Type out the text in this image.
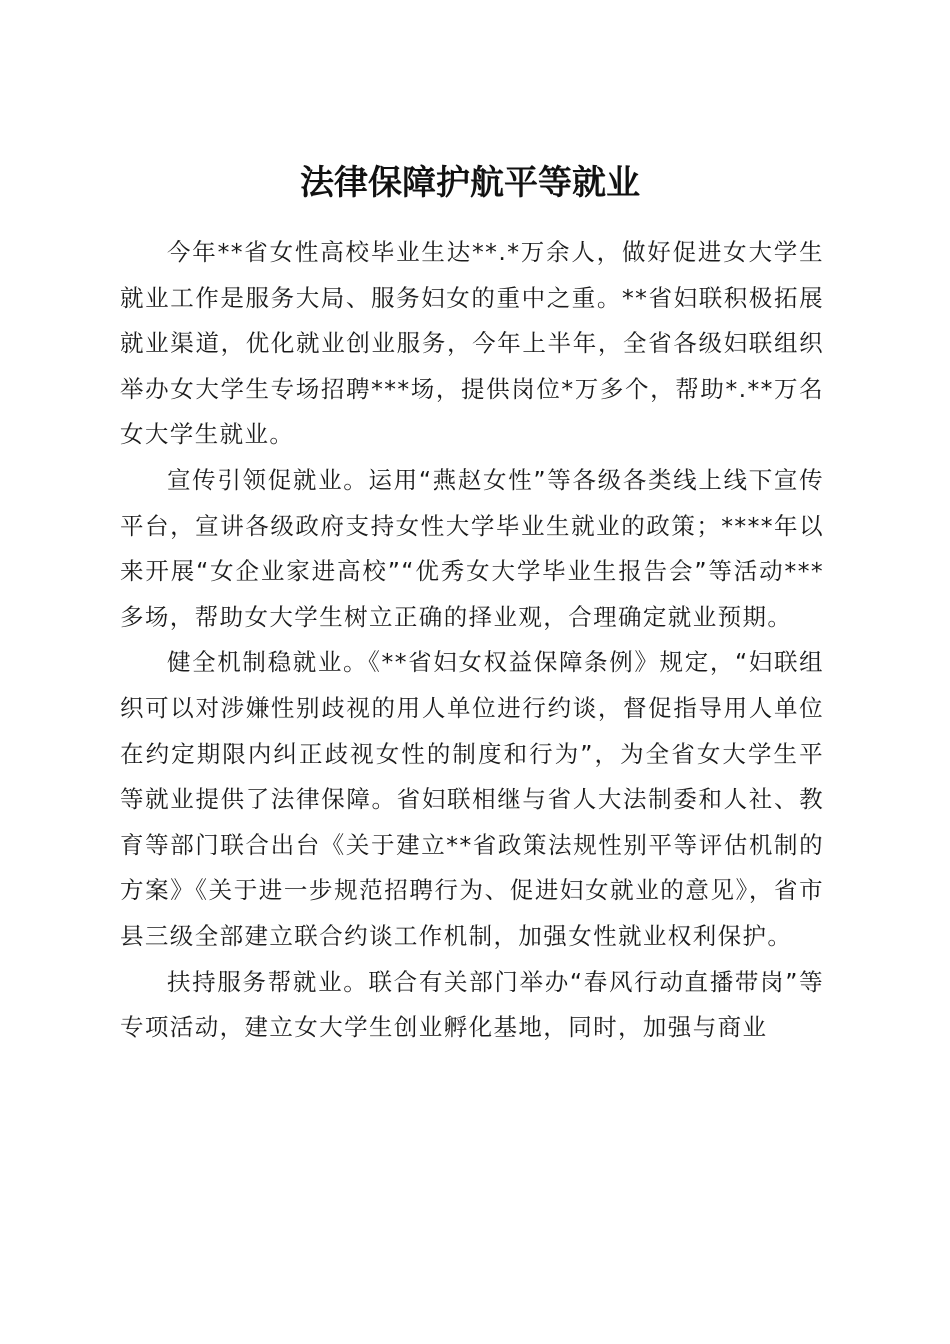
法律保障护航平等就业

今年**省女性高校毕业生达**.*万余人，做好促进女大学生就业工作是服务大局、服务妇女的重中之重。**省妇联积极拓展就业渠道，优化就业创业服务，今年上半年，全省各级妇联组织举办女大学生专场招聘***场，提供岗位*万多个，帮助*.**万名女大学生就业。

宣传引领促就业。运用“燕赵女性”等各级各类线上线下宣传平台，宣讲各级政府支持女性大学毕业生就业的政策；****年以来开展“女企业家进高校”“优秀女大学毕业生报告会”等活动***多场，帮助女大学生树立正确的择业观，合理确定就业预期。

健全机制稳就业。《**省妇女权益保障条例》规定，“妇联组织可以对涉嫌性别歧视的用人单位进行约谈，督促指导用人单位在约定期限内纠正歧视女性的制度和行为”，为全省女大学生平等就业提供了法律保障。省妇联相继与省人大法制委和人社、教育等部门联合出台《关于建立**省政策法规性别平等评估机制的方案》《关于进一步规范招聘行为、促进妇女就业的意见》，省市县三级全部建立联合约谈工作机制，加强女性就业权利保护。

扶持服务帮就业。联合有关部门举办“春风行动直播带岗”等专项活动，建立女大学生创业孵化基地，同时，加强与商业
